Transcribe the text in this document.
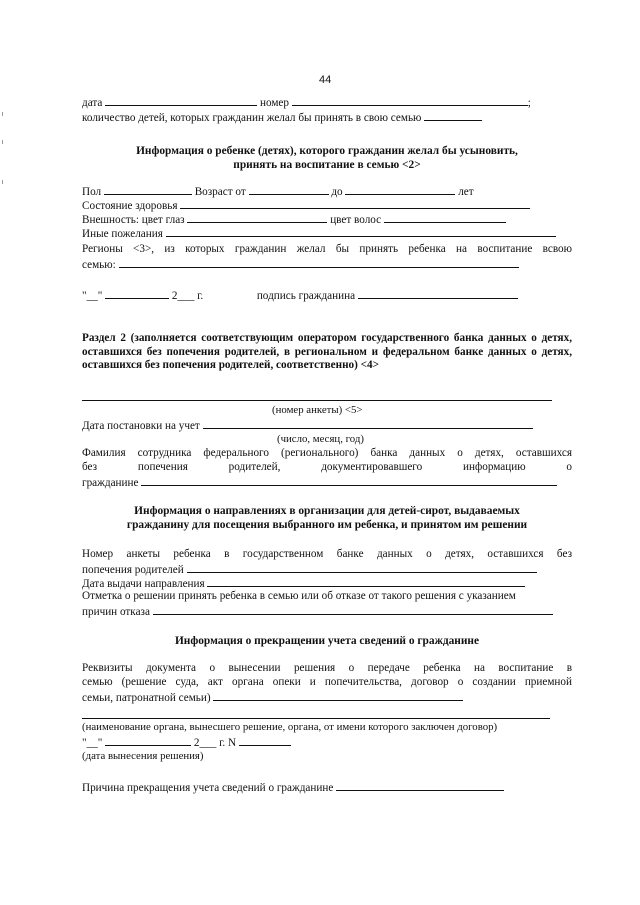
44
дата	номер	;
количество детей, которых гражданин желал бы принять в свою семью
Информация о ребенке (детях), которого гражданин желал бы усыновить,
принять на воспитание в семью <2>
Пол	Возраст от	до	лет
Состояние здоровья
Внешность: цвет глаз	цвет волос
Иные пожелания
Регионы <3>, из которых гражданин желал бы принять ребенка на воспитание всвою
семью:
"__"	2___ г.	подпись гражданина
Раздел 2 (заполняется соответствующим оператором государственного банка данных о детях, оставшихся без попечения родителей, в региональном и федеральном банке данных о детях, оставшихся без попечения родителей, соответственно) <4>
(номер анкеты) <5>
Дата постановки на учет
(число, месяц, год)
Фамилия сотрудника федерального (регионального) банка данных о детях, оставшихся
без попечения родителей, документировавшего информацию о
гражданине
Информация о направлениях в организации для детей-сирот, выдаваемых
гражданину для посещения выбранного им ребенка, и принятом им решении
Номер анкеты ребенка в государственном банке данных о детях, оставшихся без
попечения родителей
Дата выдачи направления
Отметка о решении принять ребенка в семью или об отказе от такого решения с указанием
причин отказа
Информация о прекращении учета сведений о гражданине
Реквизиты документа о вынесении решения о передаче ребенка на воспитание в
семью (решение суда, акт органа опеки и попечительства, договор о создании приемной
семьи, патронатной семьи)
(наименование органа, вынесшего решение, органа, от имени которого заключен договор)
"__"	2___ г. N
(дата вынесения решения)
Причина прекращения учета сведений о гражданине
